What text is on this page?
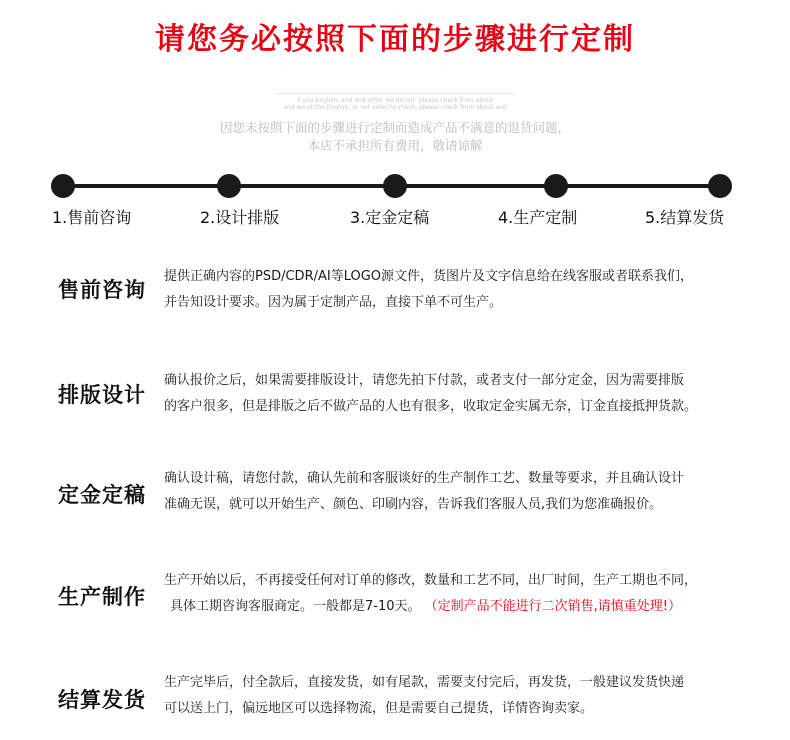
请您务必按照下面的步骤进行定制
————————————————————————————————————————
if you English, and and other we do not, please check from about
and we at the English, or not order to check, please check from about and
因您未按照下面的步骤进行定制而造成产品不满意的退货问题，
本店不承担所有费用，敬请谅解
1.售前咨询	2.设计排版	3.定金定稿	4.生产定制	5.结算发货
售前咨询
提供正确内容的PSD/CDR/AI等LOGO源文件，货图片及文字信息给在线客服或者联系我们，
并告知设计要求。因为属于定制产品，直接下单不可生产。
排版设计
确认报价之后，如果需要排版设计，请您先拍下付款，或者支付一部分定金，因为需要排版
的客户很多，但是排版之后不做产品的人也有很多，收取定金实属无奈，订金直接抵押货款。
定金定稿
确认设计稿，请您付款，确认先前和客服谈好的生产制作工艺、数量等要求，并且确认设计
准确无误，就可以开始生产、颜色、印刷内容，告诉我们客服人员,我们为您准确报价。
生产制作
生产开始以后，不再接受任何对订单的修改，数量和工艺不同，出厂时间，生产工期也不同，
具体工期咨询客服商定。一般都是7-10天。 （定制产品不能进行二次销售,请慎重处理!）
结算发货
生产完毕后，付全款后，直接发货，如有尾款，需要支付完后，再发货，一般建议发货快递
可以送上门，偏远地区可以选择物流，但是需要自己提货，详情咨询卖家。
